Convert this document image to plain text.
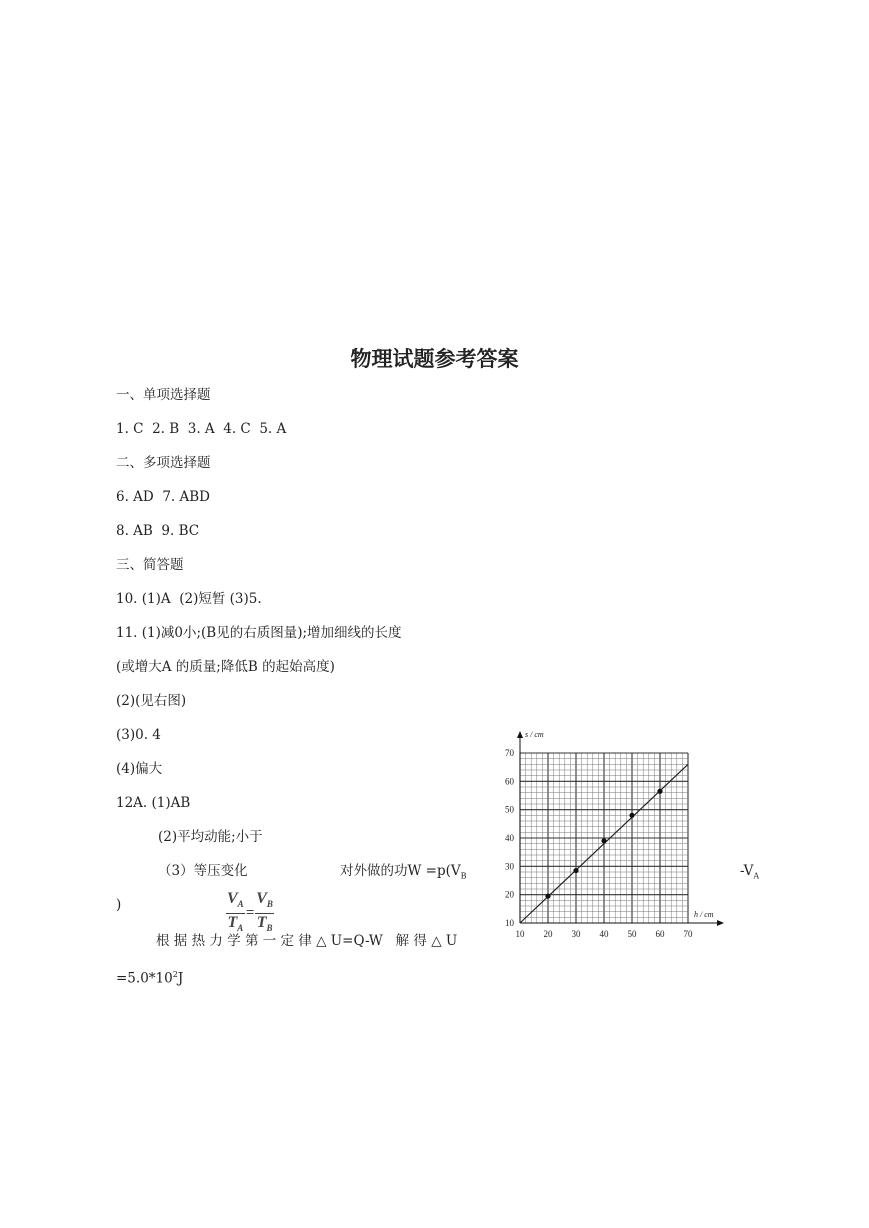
物理试题参考答案
一、单项选择题
1. C  2. B  3. A  4. C  5. A
二、多项选择题
6. AD  7. ABD
8. AB  9. BC
三、简答题
10. (1)A  (2)短暂 (3)5.
11. (1)减0小;(B见的右质图量);增加细线的长度
(或增大A 的质量;降低B 的起始高度)
(2)(见右图)
(3)0. 4
(4)偏大
12A. (1)AB
(2)平均动能;小于
（3）等压变化	对外做的功$W =p(V_B$	$-V_A$
)	$\frac{V_A}{T_A} = \frac{V_B}{T_B}$
根 据 热 力 学 第 一 定 律 △ U=Q-W   解 得 △ U
$=5.0*10^2J$
10 20 30 40 50 60 70
10
20
30
40
50
60
70
s / cm
h / cm
